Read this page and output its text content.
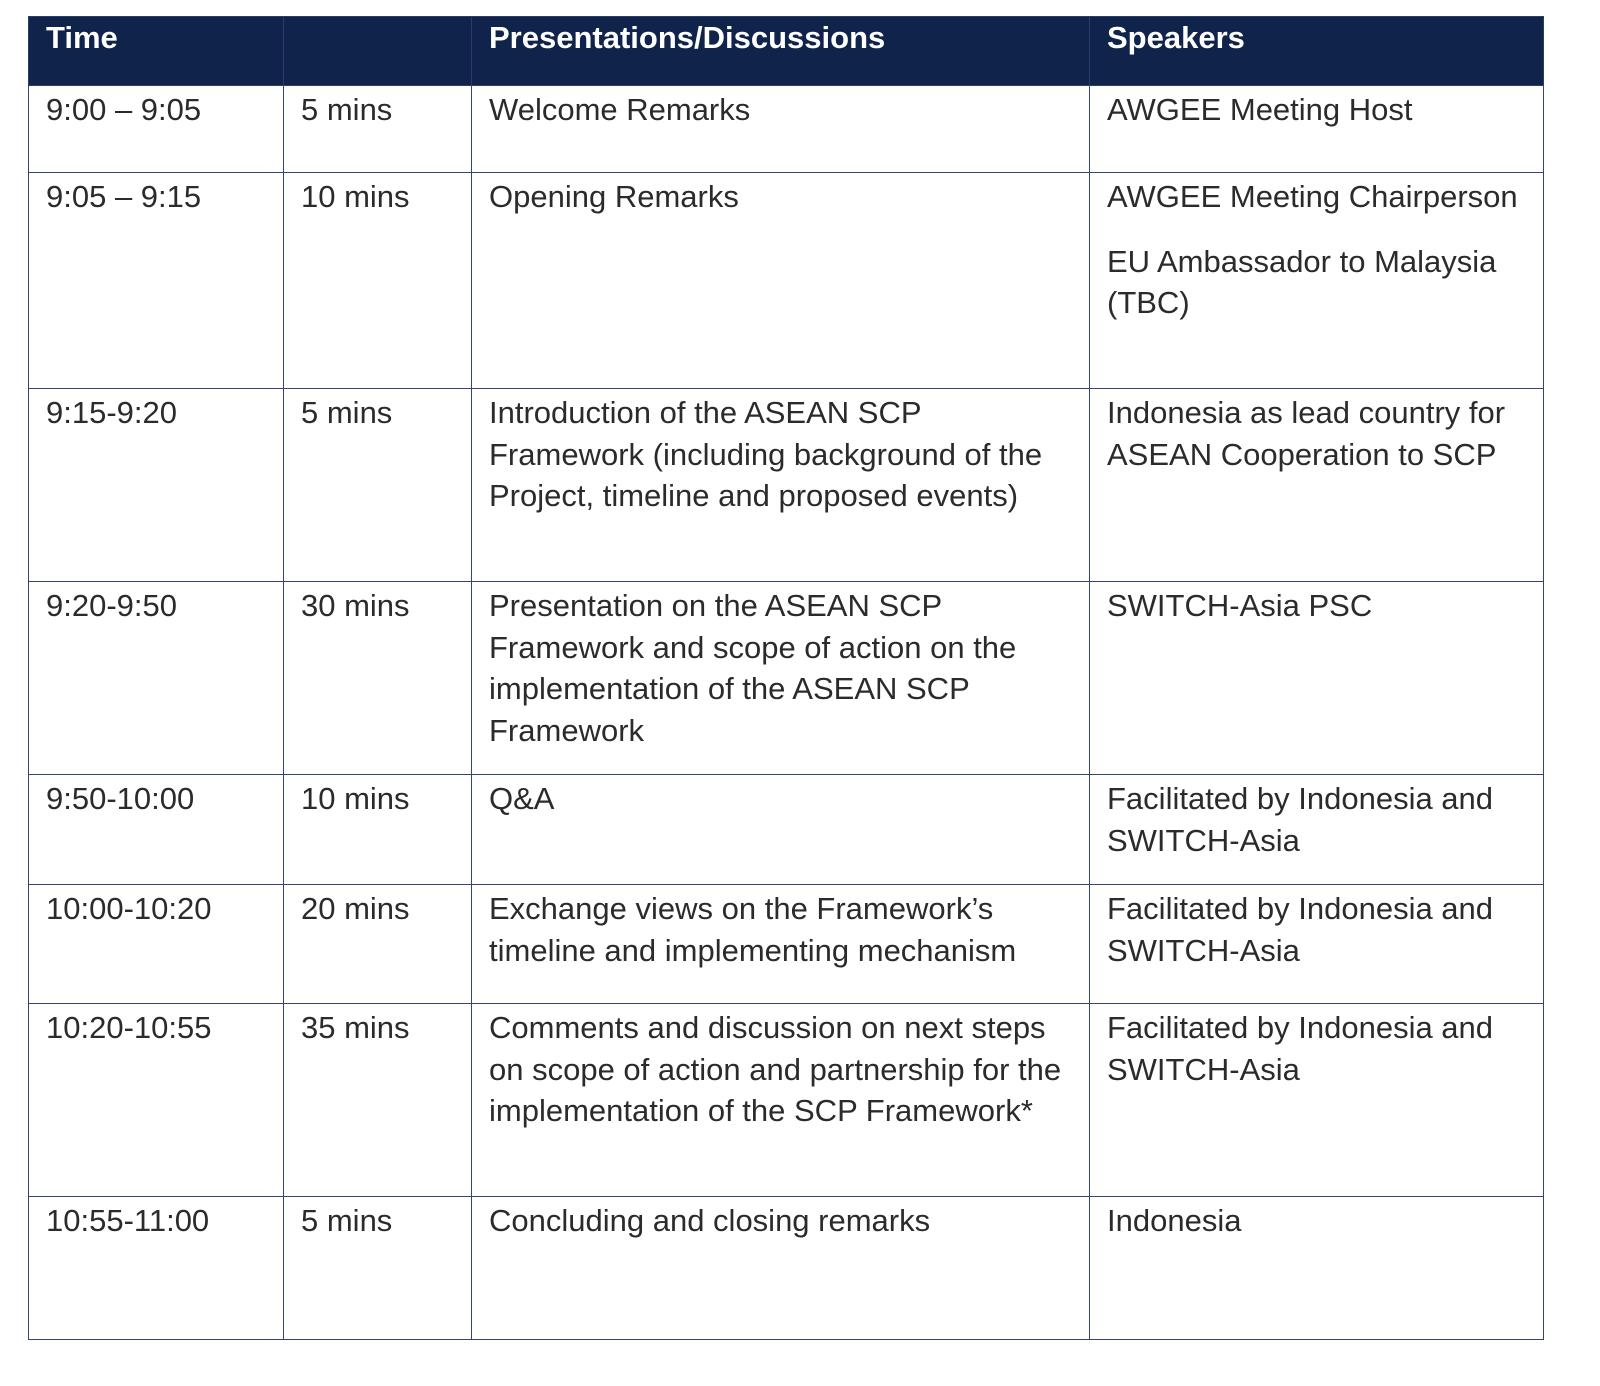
Time		Presentations/Discussions	Speakers
9:00 – 9:05	5 mins	Welcome Remarks	AWGEE Meeting Host

9:05 – 9:15	10 mins	Opening Remarks	AWGEE Meeting Chairperson
EU Ambassador to Malaysia (TBC)

9:15-9:20	5 mins	Introduction of the ASEAN SCP Framework (including background of the Project, timeline and proposed events)	Indonesia as lead country for ASEAN Cooperation to SCP

9:20-9:50	30 mins	Presentation on the ASEAN SCP Framework and scope of action on the implementation of the ASEAN SCP Framework	SWITCH-Asia PSC

9:50-10:00	10 mins	Q&A	Facilitated by Indonesia and SWITCH-Asia

10:00-10:20	20 mins	Exchange views on the Framework’s timeline and implementing mechanism	Facilitated by Indonesia and SWITCH-Asia

10:20-10:55	35 mins	Comments and discussion on next steps on scope of action and partnership for the implementation of the SCP Framework*	Facilitated by Indonesia and SWITCH-Asia

10:55-11:00	5 mins	Concluding and closing remarks	Indonesia
